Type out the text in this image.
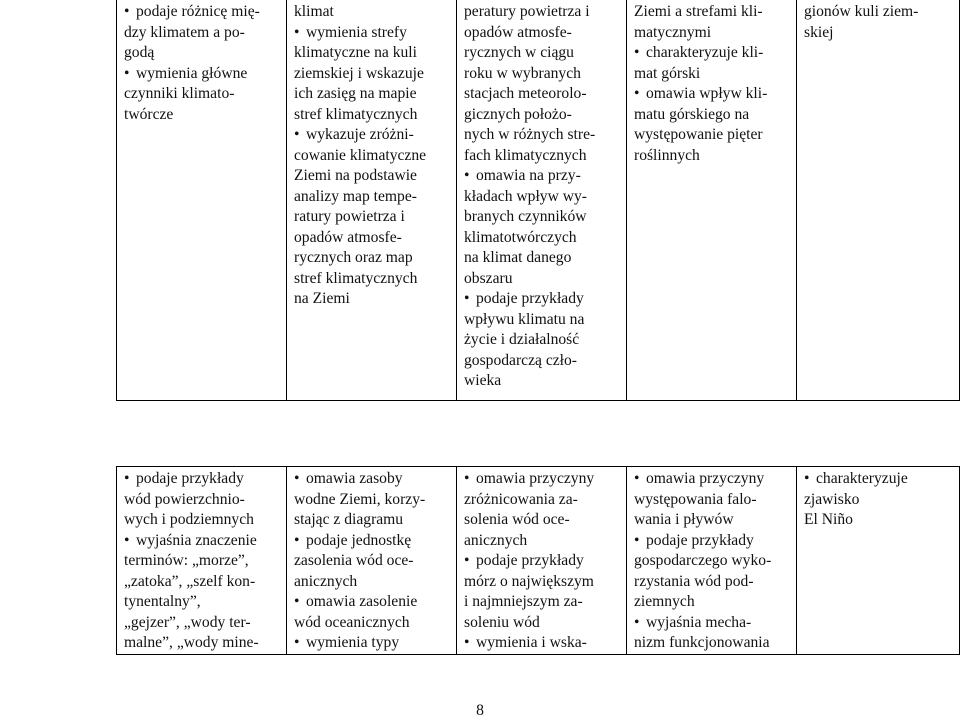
• podaje różnicę mię-
dzy klimatem a po-
godą
• wymienia główne
czynniki klimato-
twórcze
klimat
• wymienia strefy
klimatyczne na kuli
ziemskiej i wskazuje
ich zasięg na mapie
stref klimatycznych
• wykazuje zróżni-
cowanie klimatyczne
Ziemi na podstawie
analizy map tempe-
ratury powietrza i
opadów atmosfe-
rycznych oraz map
stref klimatycznych
na Ziemi
peratury powietrza i
opadów atmosfe-
rycznych w ciągu
roku w wybranych
stacjach meteorolo-
gicznych położo-
nych w różnych stre-
fach klimatycznych
• omawia na przy-
kładach wpływ wy-
branych czynników
klimatotwórczych
na klimat danego
obszaru
• podaje przykłady
wpływu klimatu na
życie i działalność
gospodarczą czło-
wieka
Ziemi a strefami kli-
matycznymi
• charakteryzuje kli-
mat górski
• omawia wpływ kli-
matu górskiego na
występowanie pięter
roślinnych
gionów kuli ziem-
skiej
• podaje przykłady
wód powierzchnio-
wych i podziemnych
• wyjaśnia znaczenie
terminów: „morze”,
„zatoka”, „szelf kon-
tynentalny”,
„gejzer”, „wody ter-
malne”, „wody mine-
• omawia zasoby
wodne Ziemi, korzy-
stając z diagramu
• podaje jednostkę
zasolenia wód oce-
anicznych
• omawia zasolenie
wód oceanicznych
• wymienia typy
• omawia przyczyny
zróżnicowania za-
solenia wód oce-
anicznych
• podaje przykłady
mórz o największym
i najmniejszym za-
soleniu wód
• wymienia i wska-
• omawia przyczyny
występowania falo-
wania i pływów
• podaje przykłady
gospodarczego wyko-
rzystania wód pod-
ziemnych
• wyjaśnia mecha-
nizm funkcjonowania
• charakteryzuje
zjawisko
El Niño
8
